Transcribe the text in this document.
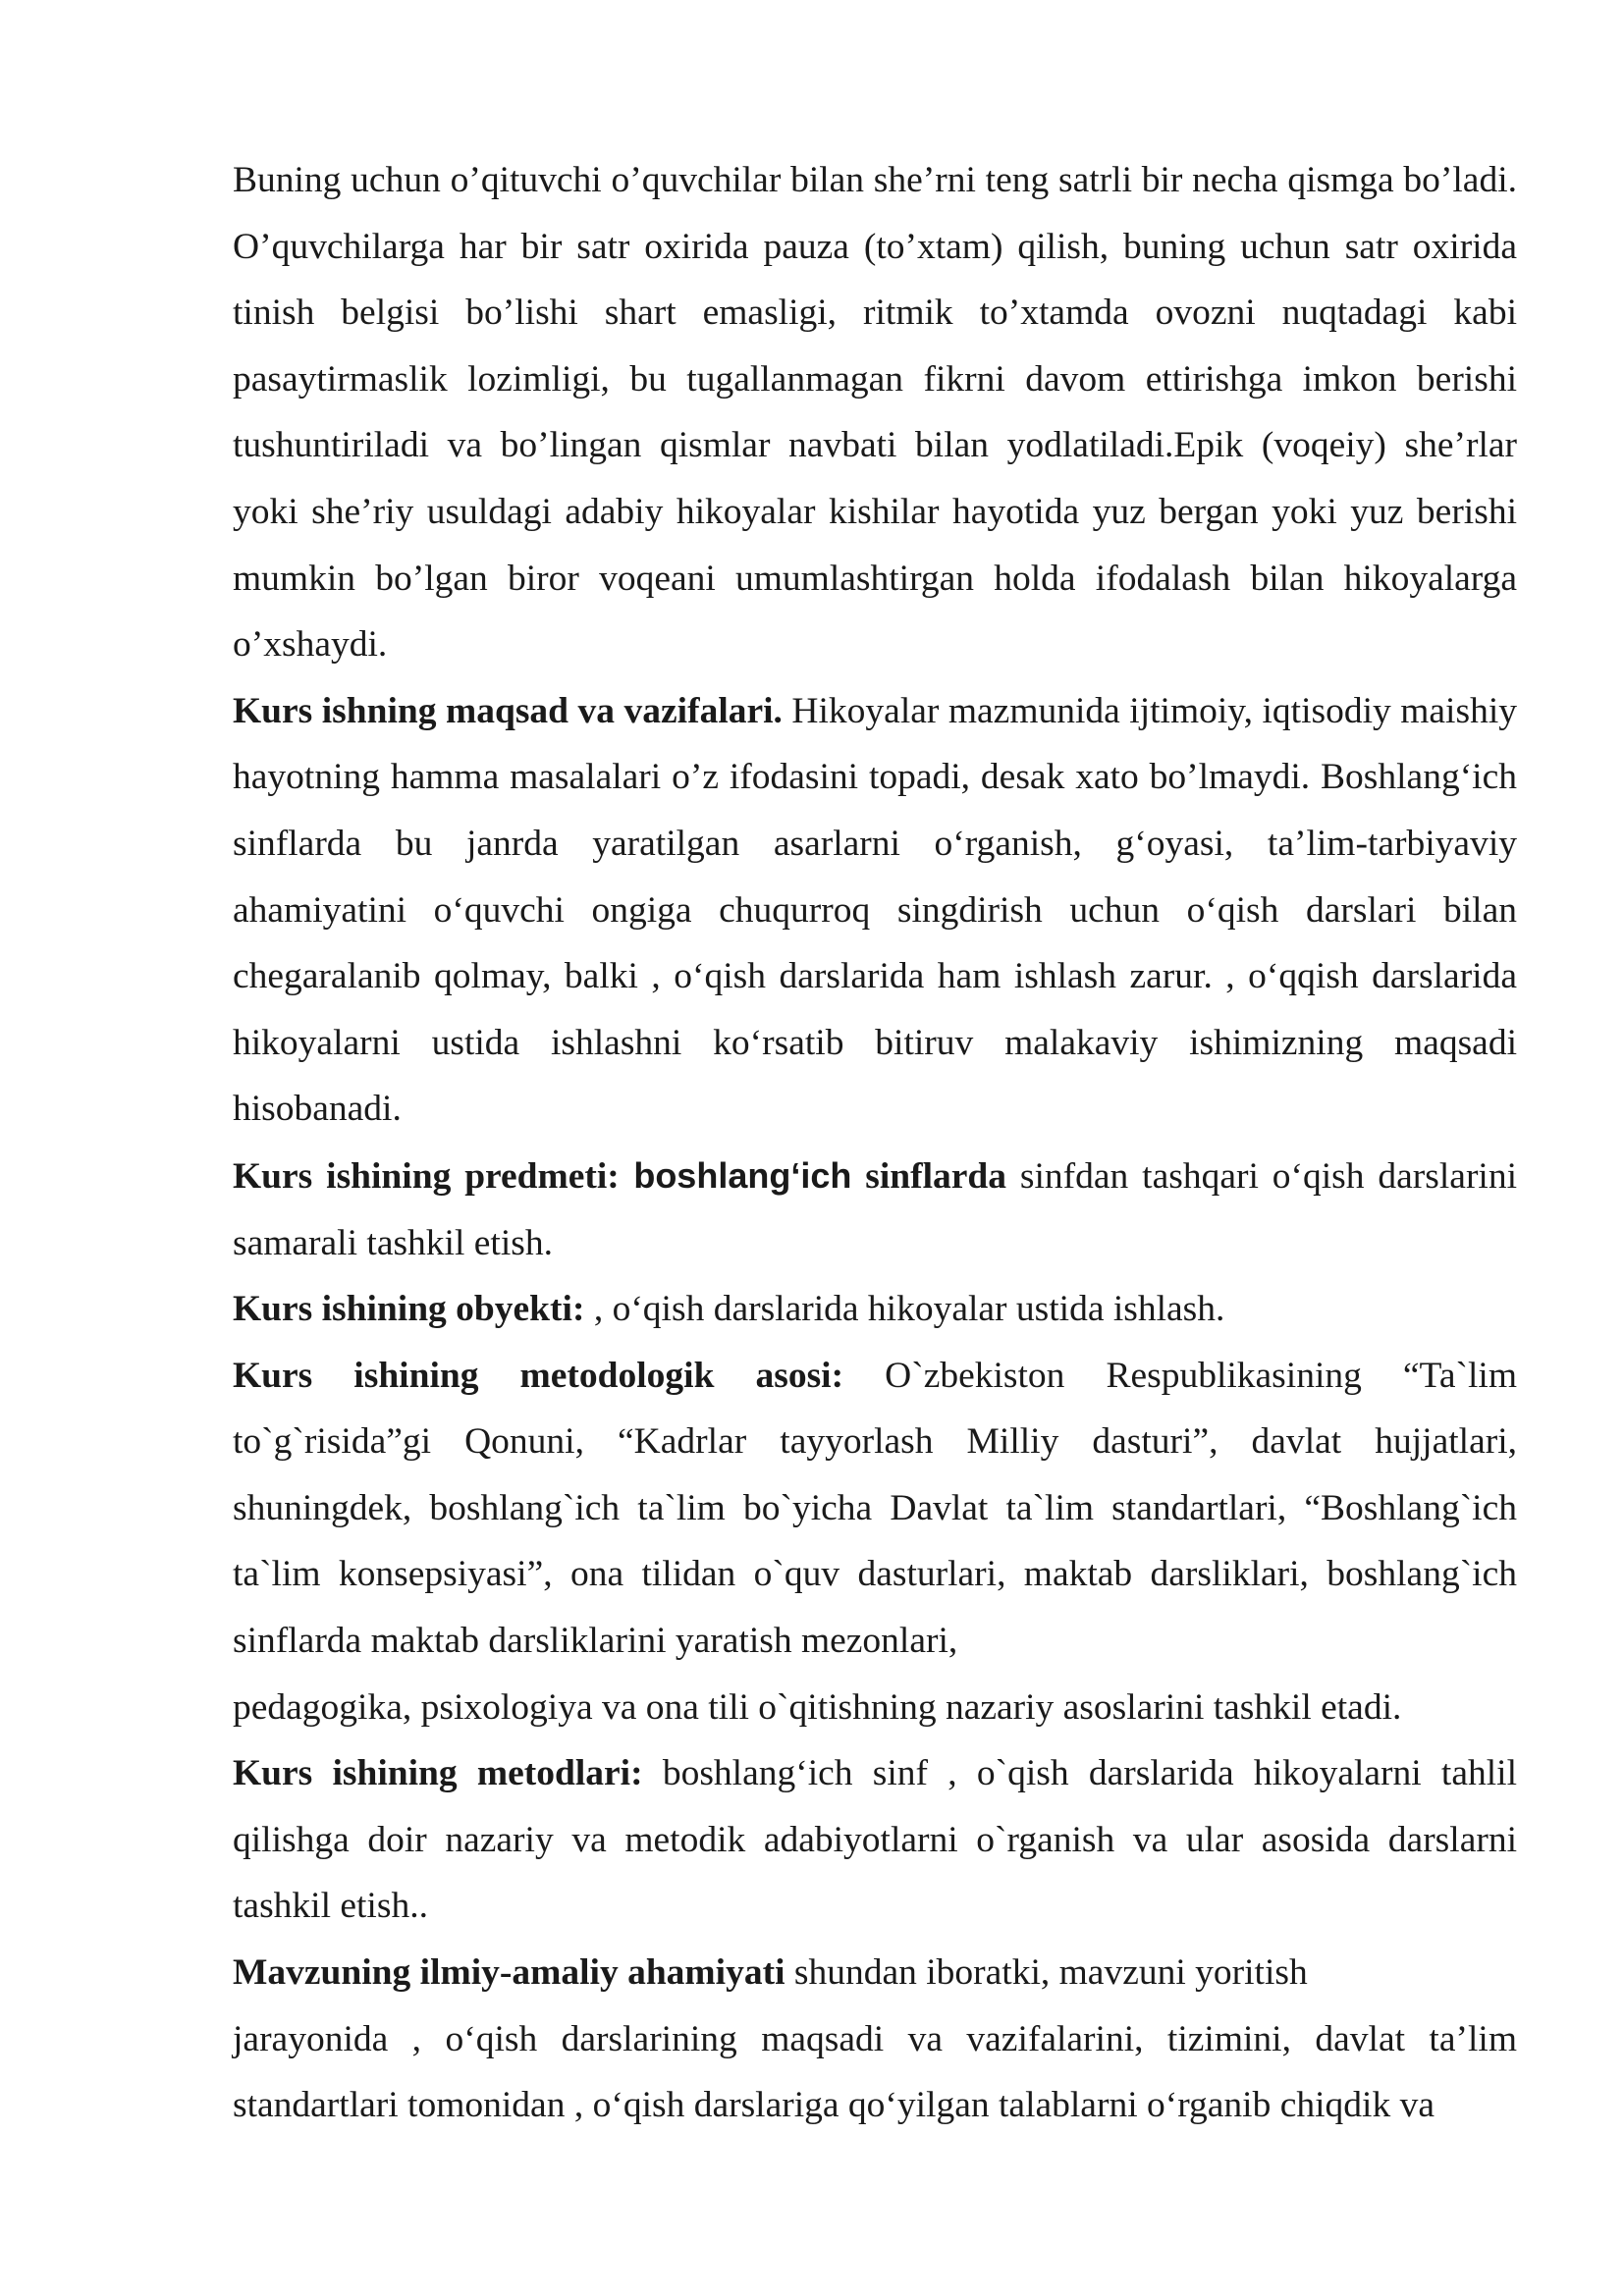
Buning uchun o’qituvchi o’quvchilar bilan she’rni teng satrli bir necha qismga bo’ladi. O’quvchilarga har bir satr oxirida pauza (to’xtam) qilish, buning uchun satr oxirida tinish belgisi bo’lishi shart emasligi, ritmik to’xtamda ovozni nuqtadagi kabi pasaytirmaslik lozimligi, bu tugallanmagan fikrni davom ettirishga imkon berishi tushuntiriladi va bo’lingan qismlar navbati bilan yodlatiladi.Epik (voqeiy) she’rlar yoki she’riy usuldagi adabiy hikoyalar kishilar hayotida yuz bergan yoki yuz berishi mumkin bo’lgan biror voqeani umumlashtirgan holda ifodalash bilan hikoyalarga o’xshaydi.

Kurs ishning maqsad va vazifalari. Hikoyalar mazmunida ijtimoiy, iqtisodiy maishiy hayotning hamma masalalari o’z ifodasini topadi, desak xato bo’lmaydi. Boshlang‘ich sinflarda bu janrda yaratilgan asarlarni o‘rganish, g‘oyasi, ta’lim-tarbiyaviy ahamiyatini o‘quvchi ongiga chuqurroq singdirish uchun o‘qish darslari bilan chegaralanib qolmay, balki , o‘qish darslarida ham ishlash zarur. , o‘qqish darslarida hikoyalarni ustida ishlashni ko‘rsatib bitiruv malakaviy ishimizning maqsadi hisobanadi.

Kurs ishining predmeti: boshlang‘ich sinflarda sinfdan tashqari o‘qish darslarini samarali tashkil etish.

Kurs ishining obyekti: , o‘qish darslarida hikoyalar ustida ishlash.

Kurs ishining metodologik asosi: O`zbekiston Respublikasining “Ta`lim to`g`risida”gi Qonuni, “Kadrlar tayyorlash Milliy dasturi”, davlat hujjatlari, shuningdek, boshlang`ich ta`lim bo`yicha Davlat ta`lim standartlari, “Boshlang`ich ta`lim konsepsiyasi”, ona tilidan o`quv dasturlari, maktab darsliklari, boshlang`ich sinflarda maktab darsliklarini yaratish mezonlari,

pedagogika, psixologiya va ona tili o`qitishning nazariy asoslarini tashkil etadi.

Kurs ishining metodlari: boshlang‘ich sinf , o`qish darslarida hikoyalarni tahlil qilishga doir nazariy va metodik adabiyotlarni o`rganish va ular asosida darslarni tashkil etish..

Mavzuning ilmiy-amaliy ahamiyati shundan iboratki, mavzuni yoritish

jarayonida , o‘qish darslarining maqsadi va vazifalarini, tizimini, davlat ta’lim standartlari tomonidan , o‘qish darslariga qo‘yilgan talablarni o‘rganib chiqdik va
